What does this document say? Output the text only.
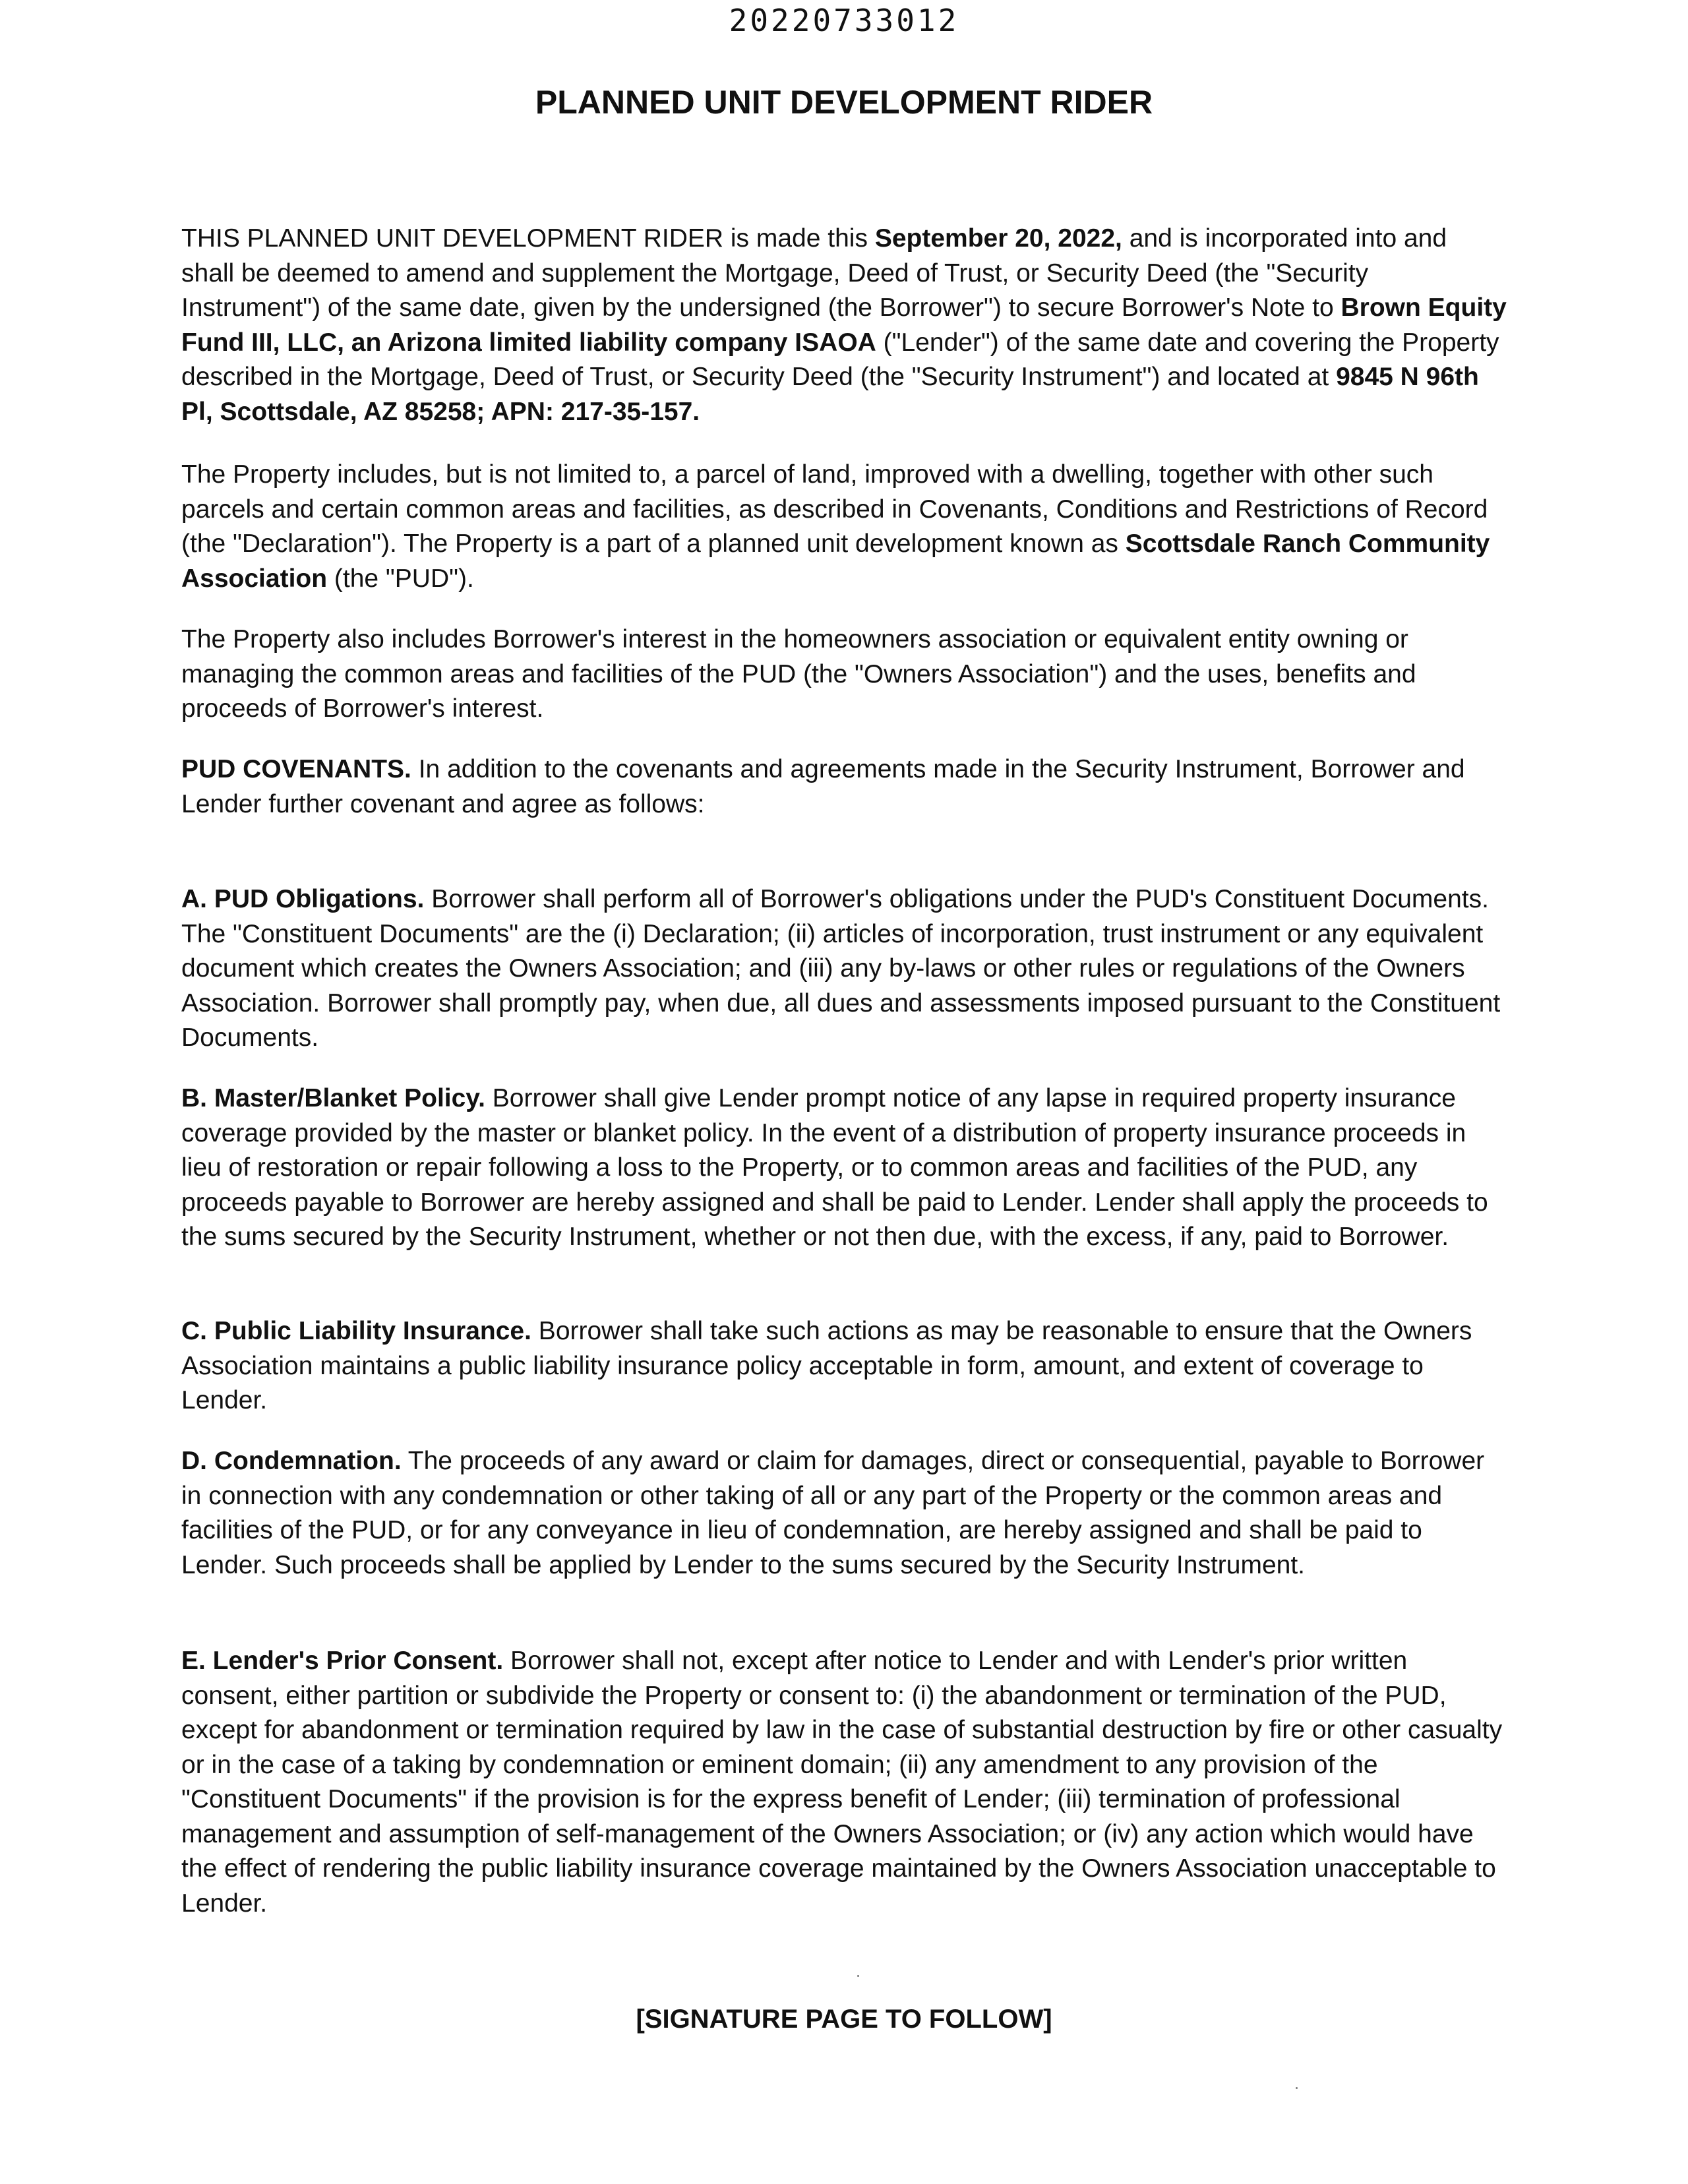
20220733012
PLANNED UNIT DEVELOPMENT RIDER

THIS PLANNED UNIT DEVELOPMENT RIDER is made this September 20, 2022, and is incorporated into and shall be deemed to amend and supplement the Mortgage, Deed of Trust, or Security Deed (the "Security Instrument") of the same date, given by the undersigned (the Borrower") to secure Borrower's Note to Brown Equity Fund III, LLC, an Arizona limited liability company ISAOA ("Lender") of the same date and covering the Property described in the Mortgage, Deed of Trust, or Security Deed (the "Security Instrument") and located at 9845 N 96th Pl, Scottsdale, AZ 85258; APN: 217-35-157.

The Property includes, but is not limited to, a parcel of land, improved with a dwelling, together with other such parcels and certain common areas and facilities, as described in Covenants, Conditions and Restrictions of Record (the "Declaration"). The Property is a part of a planned unit development known as Scottsdale Ranch Community Association (the "PUD").

The Property also includes Borrower's interest in the homeowners association or equivalent entity owning or managing the common areas and facilities of the PUD (the "Owners Association") and the uses, benefits and proceeds of Borrower's interest.

PUD COVENANTS. In addition to the covenants and agreements made in the Security Instrument, Borrower and Lender further covenant and agree as follows:

A. PUD Obligations. Borrower shall perform all of Borrower's obligations under the PUD's Constituent Documents. The "Constituent Documents" are the (i) Declaration; (ii) articles of incorporation, trust instrument or any equivalent document which creates the Owners Association; and (iii) any by-laws or other rules or regulations of the Owners Association. Borrower shall promptly pay, when due, all dues and assessments imposed pursuant to the Constituent Documents.

B. Master/Blanket Policy. Borrower shall give Lender prompt notice of any lapse in required property insurance coverage provided by the master or blanket policy. In the event of a distribution of property insurance proceeds in lieu of restoration or repair following a loss to the Property, or to common areas and facilities of the PUD, any proceeds payable to Borrower are hereby assigned and shall be paid to Lender. Lender shall apply the proceeds to the sums secured by the Security Instrument, whether or not then due, with the excess, if any, paid to Borrower.

C. Public Liability Insurance. Borrower shall take such actions as may be reasonable to ensure that the Owners Association maintains a public liability insurance policy acceptable in form, amount, and extent of coverage to Lender.

D. Condemnation. The proceeds of any award or claim for damages, direct or consequential, payable to Borrower in connection with any condemnation or other taking of all or any part of the Property or the common areas and facilities of the PUD, or for any conveyance in lieu of condemnation, are hereby assigned and shall be paid to Lender. Such proceeds shall be applied by Lender to the sums secured by the Security Instrument.

E. Lender's Prior Consent. Borrower shall not, except after notice to Lender and with Lender's prior written consent, either partition or subdivide the Property or consent to: (i) the abandonment or termination of the PUD, except for abandonment or termination required by law in the case of substantial destruction by fire or other casualty or in the case of a taking by condemnation or eminent domain; (ii) any amendment to any provision of the "Constituent Documents" if the provision is for the express benefit of Lender; (iii) termination of professional management and assumption of self-management of the Owners Association; or (iv) any action which would have the effect of rendering the public liability insurance coverage maintained by the Owners Association unacceptable to Lender.

[SIGNATURE PAGE TO FOLLOW]
